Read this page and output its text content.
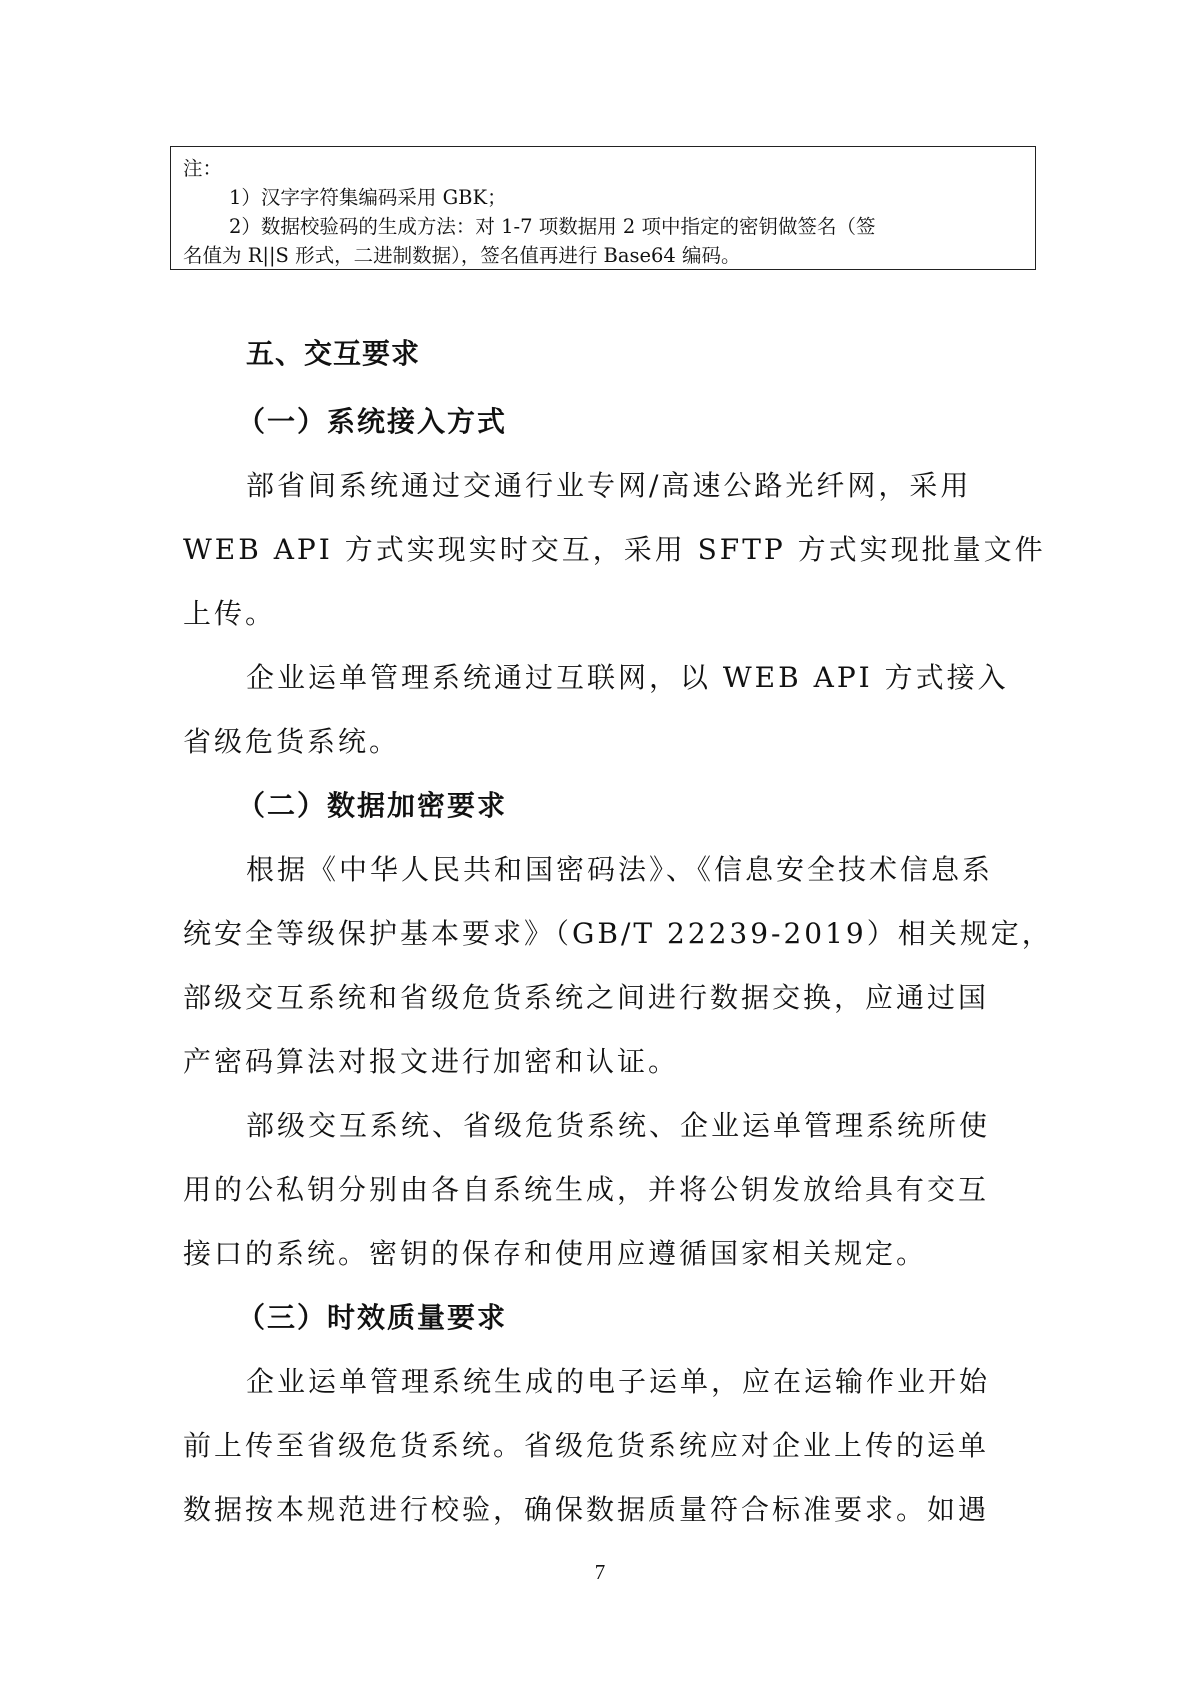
注：
1）汉字字符集编码采用 GBK；
2）数据校验码的生成方法：对 1-7 项数据用 2 项中指定的密钥做签名（签
名值为 R||S 形式，二进制数据），签名值再进行 Base64 编码。
五、交互要求
（一）系统接入方式
部省间系统通过交通行业专网/高速公路光纤网，采用
WEB API 方式实现实时交互，采用 SFTP 方式实现批量文件
上传。
企业运单管理系统通过互联网，以 WEB API 方式接入
省级危货系统。
（二）数据加密要求
根据《中华人民共和国密码法》、《信息安全技术信息系
统安全等级保护基本要求》（GB/T 22239-2019）相关规定，
部级交互系统和省级危货系统之间进行数据交换，应通过国
产密码算法对报文进行加密和认证。
部级交互系统、省级危货系统、企业运单管理系统所使
用的公私钥分别由各自系统生成，并将公钥发放给具有交互
接口的系统。密钥的保存和使用应遵循国家相关规定。
（三）时效质量要求
企业运单管理系统生成的电子运单，应在运输作业开始
前上传至省级危货系统。省级危货系统应对企业上传的运单
数据按本规范进行校验，确保数据质量符合标准要求。如遇
7
